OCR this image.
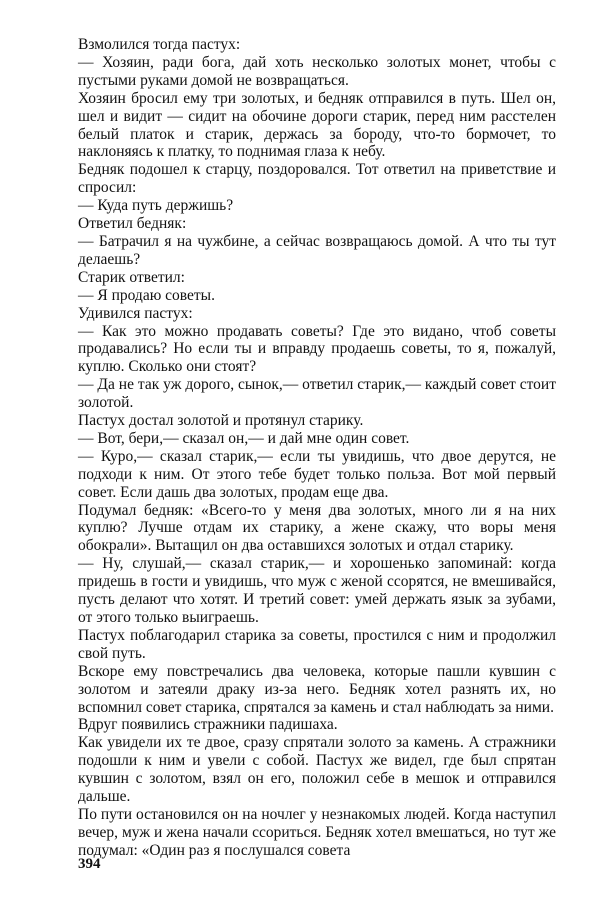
Взмолился тогда пастух:

— Хозяин, ради бога, дай хоть несколько золотых монет, чтобы с пустыми руками домой не возвращаться.

Хозяин бросил ему три золотых, и бедняк отправился в путь. Шел он, шел и видит — сидит на обочине дороги старик, перед ним расстелен белый платок и старик, держась за бороду, что-то бормочет, то наклоняясь к платку, то поднимая глаза к небу.

Бедняк подошел к старцу, поздоровался. Тот ответил на приветствие и спросил:

— Куда путь держишь?

Ответил бедняк:

— Батрачил я на чужбине, а сейчас возвращаюсь домой. А что ты тут делаешь?

Старик ответил:

— Я продаю советы.

Удивился пастух:

— Как это можно продавать советы? Где это видано, чтоб советы продавались? Но если ты и вправду продаешь советы, то я, пожалуй, куплю. Сколько они стоят?

— Да не так уж дорого, сынок,— ответил старик,— каждый совет стоит золотой.

Пастух достал золотой и протянул старику.

— Вот, бери,— сказал он,— и дай мне один совет.

— Куро,— сказал старик,— если ты увидишь, что двое дерутся, не подходи к ним. От этого тебе будет только польза. Вот мой первый совет. Если дашь два золотых, продам еще два.

Подумал бедняк: «Всего-то у меня два золотых, много ли я на них куплю? Лучше отдам их старику, а жене скажу, что воры меня обокрали». Вытащил он два оставшихся золотых и отдал старику.

— Ну, слушай,— сказал старик,— и хорошенько запоминай: когда придешь в гости и увидишь, что муж с женой ссорятся, не вмешивайся, пусть делают что хотят. И третий совет: умей держать язык за зубами, от этого только выиграешь.

Пастух поблагодарил старика за советы, простился с ним и продолжил свой путь.

Вскоре ему повстречались два человека, которые пашли кувшин с золотом и затеяли драку из-за него. Бедняк хотел разнять их, но вспомнил совет старика, спрятался за камень и стал наблюдать за ними.

Вдруг появились стражники падишаха.

Как увидели их те двое, сразу спрятали золото за камень. А стражники подошли к ним и увели с собой. Пастух же видел, где был спрятан кувшин с золотом, взял он его, положил себе в мешок и отправился дальше.

По пути остановился он на ночлег у незнакомых людей. Когда наступил вечер, муж и жена начали ссориться. Бедняк хотел вмешаться, но тут же подумал: «Один раз я послушался совета

394
